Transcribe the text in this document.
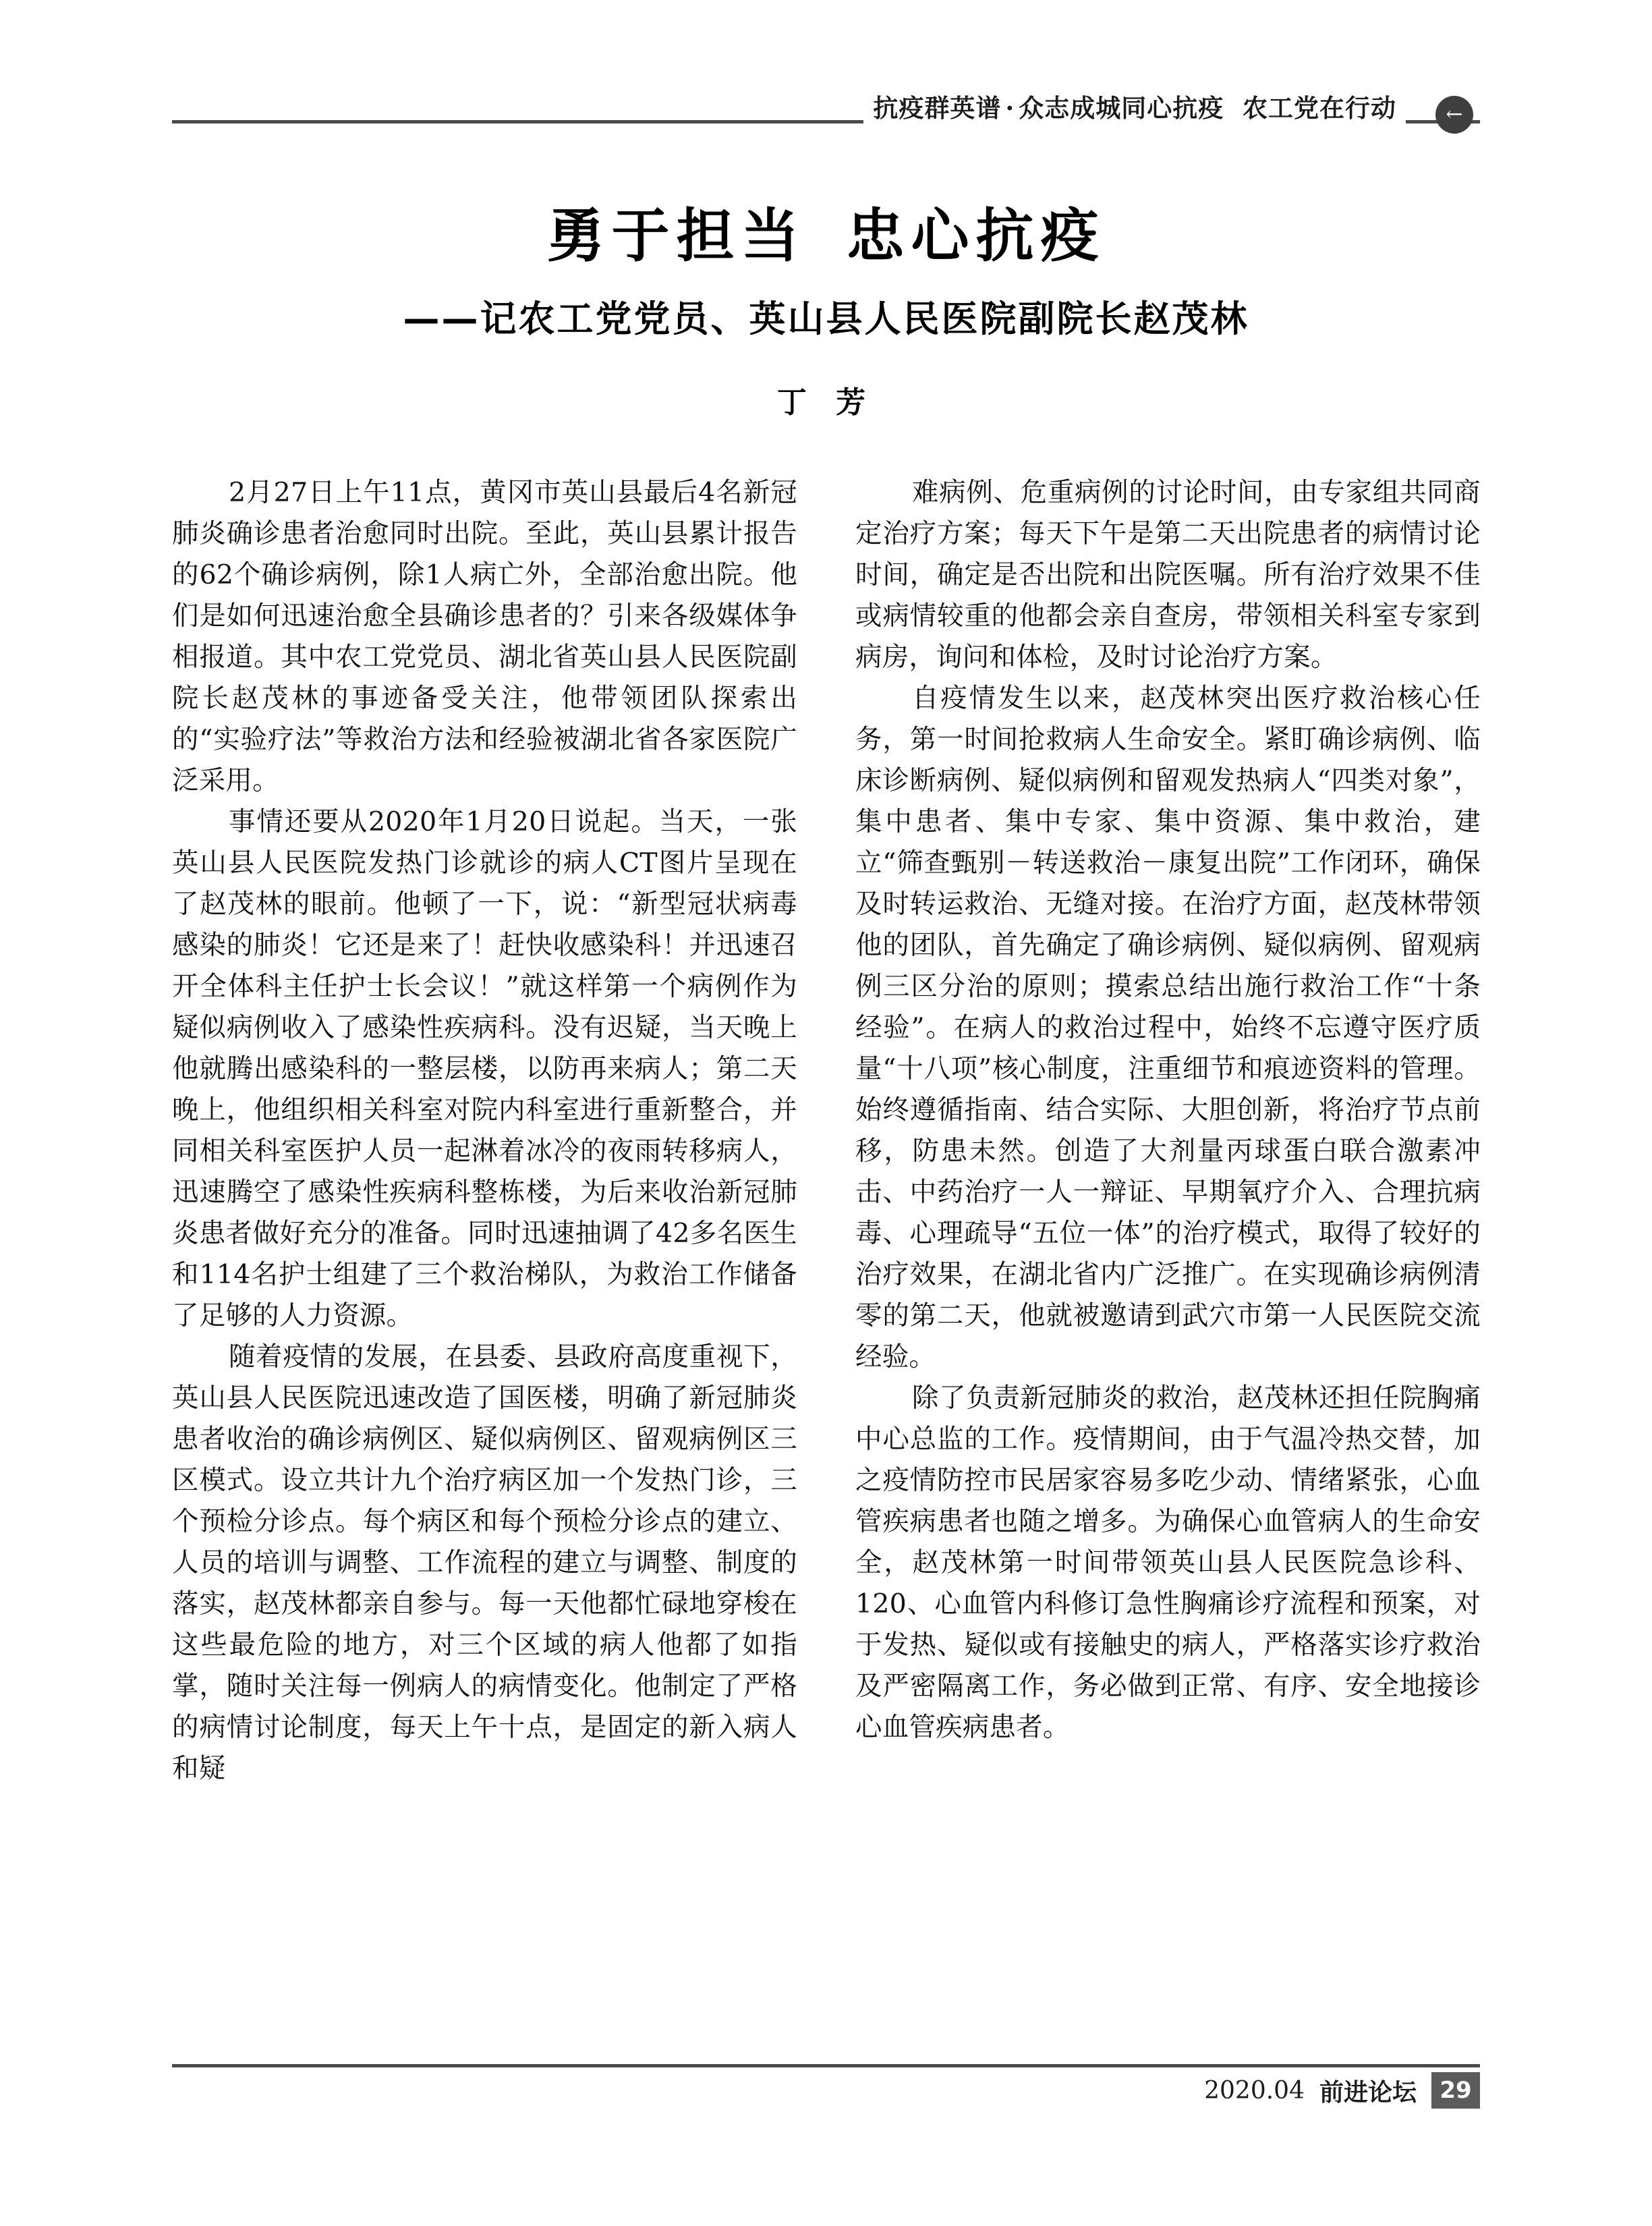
抗疫群英谱 · 众志成城同心抗疫 农工党在行动	←
勇于担当 忠心抗疫
——记农工党党员、英山县人民医院副院长赵茂林
丁 芳

2月27日上午11点，黄冈市英山县最后4名新冠肺炎确诊患者治愈同时出院。至此，英山县累计报告的62个确诊病例，除1人病亡外，全部治愈出院。他们是如何迅速治愈全县确诊患者的？引来各级媒体争相报道。其中农工党党员、湖北省英山县人民医院副院长赵茂林的事迹备受关注，他带领团队探索出的“实验疗法”等救治方法和经验被湖北省各家医院广泛采用。

事情还要从2020年1月20日说起。当天，一张英山县人民医院发热门诊就诊的病人CT图片呈现在了赵茂林的眼前。他顿了一下，说：“新型冠状病毒感染的肺炎！它还是来了！赶快收感染科！并迅速召开全体科主任护士长会议！”就这样第一个病例作为疑似病例收入了感染性疾病科。没有迟疑，当天晚上他就腾出感染科的一整层楼，以防再来病人；第二天晚上，他组织相关科室对院内科室进行重新整合，并同相关科室医护人员一起淋着冰冷的夜雨转移病人，迅速腾空了感染性疾病科整栋楼，为后来收治新冠肺炎患者做好充分的准备。同时迅速抽调了42多名医生和114名护士组建了三个救治梯队，为救治工作储备了足够的人力资源。

随着疫情的发展，在县委、县政府高度重视下，英山县人民医院迅速改造了国医楼，明确了新冠肺炎患者收治的确诊病例区、疑似病例区、留观病例区三区模式。设立共计九个治疗病区加一个发热门诊，三个预检分诊点。每个病区和每个预检分诊点的建立、人员的培训与调整、工作流程的建立与调整、制度的落实，赵茂林都亲自参与。每一天他都忙碌地穿梭在这些最危险的地方，对三个区域的病人他都了如指掌，随时关注每一例病人的病情变化。他制定了严格的病情讨论制度，每天上午十点，是固定的新入病人和疑

难病例、危重病例的讨论时间，由专家组共同商定治疗方案；每天下午是第二天出院患者的病情讨论时间，确定是否出院和出院医嘱。所有治疗效果不佳或病情较重的他都会亲自查房，带领相关科室专家到病房，询问和体检，及时讨论治疗方案。

自疫情发生以来，赵茂林突出医疗救治核心任务，第一时间抢救病人生命安全。紧盯确诊病例、临床诊断病例、疑似病例和留观发热病人“四类对象”，集中患者、集中专家、集中资源、集中救治，建立“筛查甄别－转送救治－康复出院”工作闭环，确保及时转运救治、无缝对接。在治疗方面，赵茂林带领他的团队，首先确定了确诊病例、疑似病例、留观病例三区分治的原则；摸索总结出施行救治工作“十条经验”。在病人的救治过程中，始终不忘遵守医疗质量“十八项”核心制度，注重细节和痕迹资料的管理。始终遵循指南、结合实际、大胆创新，将治疗节点前移，防患未然。创造了大剂量丙球蛋白联合激素冲击、中药治疗一人一辩证、早期氧疗介入、合理抗病毒、心理疏导“五位一体”的治疗模式，取得了较好的治疗效果，在湖北省内广泛推广。在实现确诊病例清零的第二天，他就被邀请到武穴市第一人民医院交流经验。

除了负责新冠肺炎的救治，赵茂林还担任院胸痛中心总监的工作。疫情期间，由于气温冷热交替，加之疫情防控市民居家容易多吃少动、情绪紧张，心血管疾病患者也随之增多。为确保心血管病人的生命安全，赵茂林第一时间带领英山县人民医院急诊科、120、心血管内科修订急性胸痛诊疗流程和预案，对于发热、疑似或有接触史的病人，严格落实诊疗救治及严密隔离工作，务必做到正常、有序、安全地接诊心血管疾病患者。

2020.04 前进论坛	29
